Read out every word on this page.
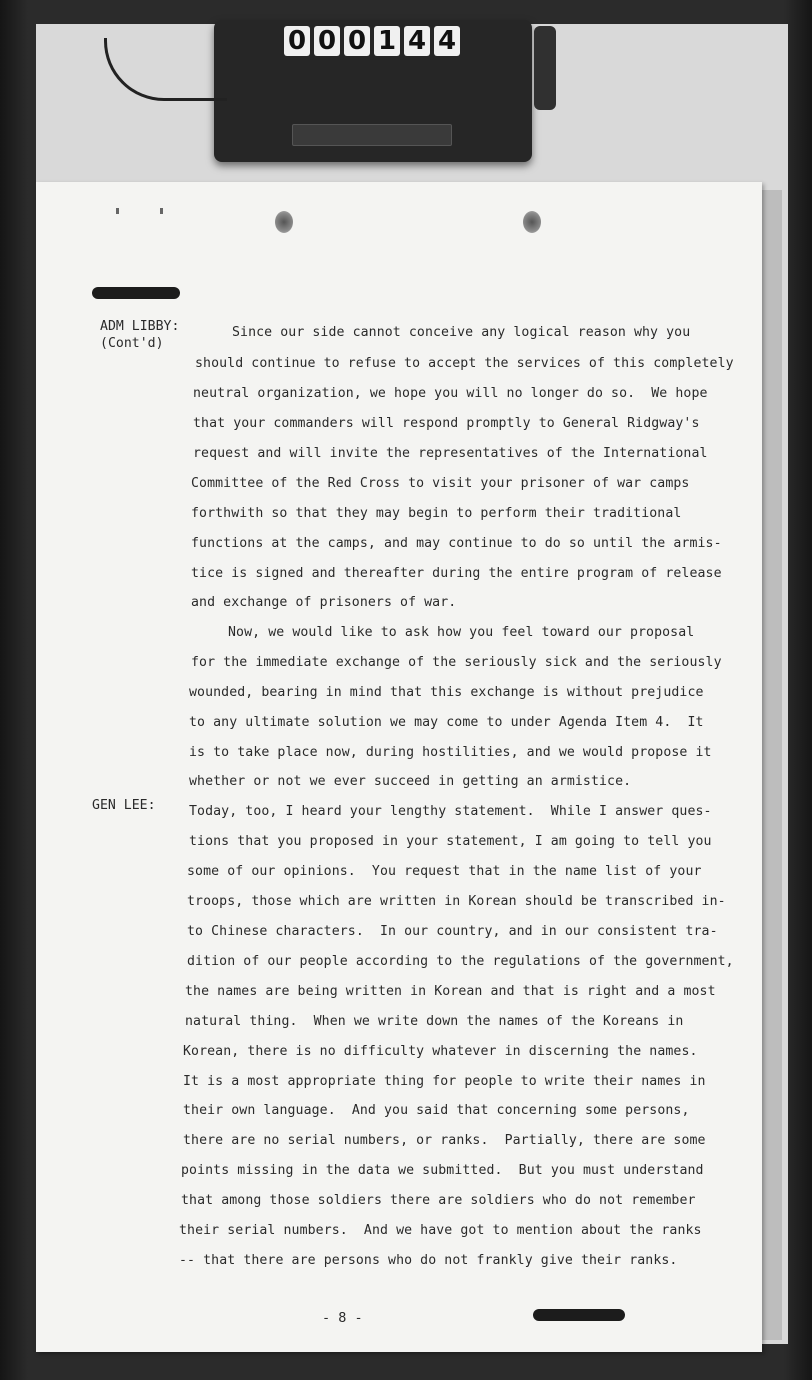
0 0 0 1 4 4
ADM LIBBY:
(Cont'd)
GEN LEE:
Since our side cannot conceive any logical reason why you
should continue to refuse to accept the services of this completely
neutral organization, we hope you will no longer do so.  We hope
that your commanders will respond promptly to General Ridgway's
request and will invite the representatives of the International
Committee of the Red Cross to visit your prisoner of war camps
forthwith so that they may begin to perform their traditional
functions at the camps, and may continue to do so until the armis-
tice is signed and thereafter during the entire program of release
and exchange of prisoners of war.
Now, we would like to ask how you feel toward our proposal
for the immediate exchange of the seriously sick and the seriously
wounded, bearing in mind that this exchange is without prejudice
to any ultimate solution we may come to under Agenda Item 4.  It
is to take place now, during hostilities, and we would propose it
whether or not we ever succeed in getting an armistice.
Today, too, I heard your lengthy statement.  While I answer ques-
tions that you proposed in your statement, I am going to tell you
some of our opinions.  You request that in the name list of your
troops, those which are written in Korean should be transcribed in-
to Chinese characters.  In our country, and in our consistent tra-
dition of our people according to the regulations of the government,
the names are being written in Korean and that is right and a most
natural thing.  When we write down the names of the Koreans in
Korean, there is no difficulty whatever in discerning the names.
It is a most appropriate thing for people to write their names in
their own language.  And you said that concerning some persons,
there are no serial numbers, or ranks.  Partially, there are some
points missing in the data we submitted.  But you must understand
that among those soldiers there are soldiers who do not remember
their serial numbers.  And we have got to mention about the ranks
-- that there are persons who do not frankly give their ranks.
- 8 -
